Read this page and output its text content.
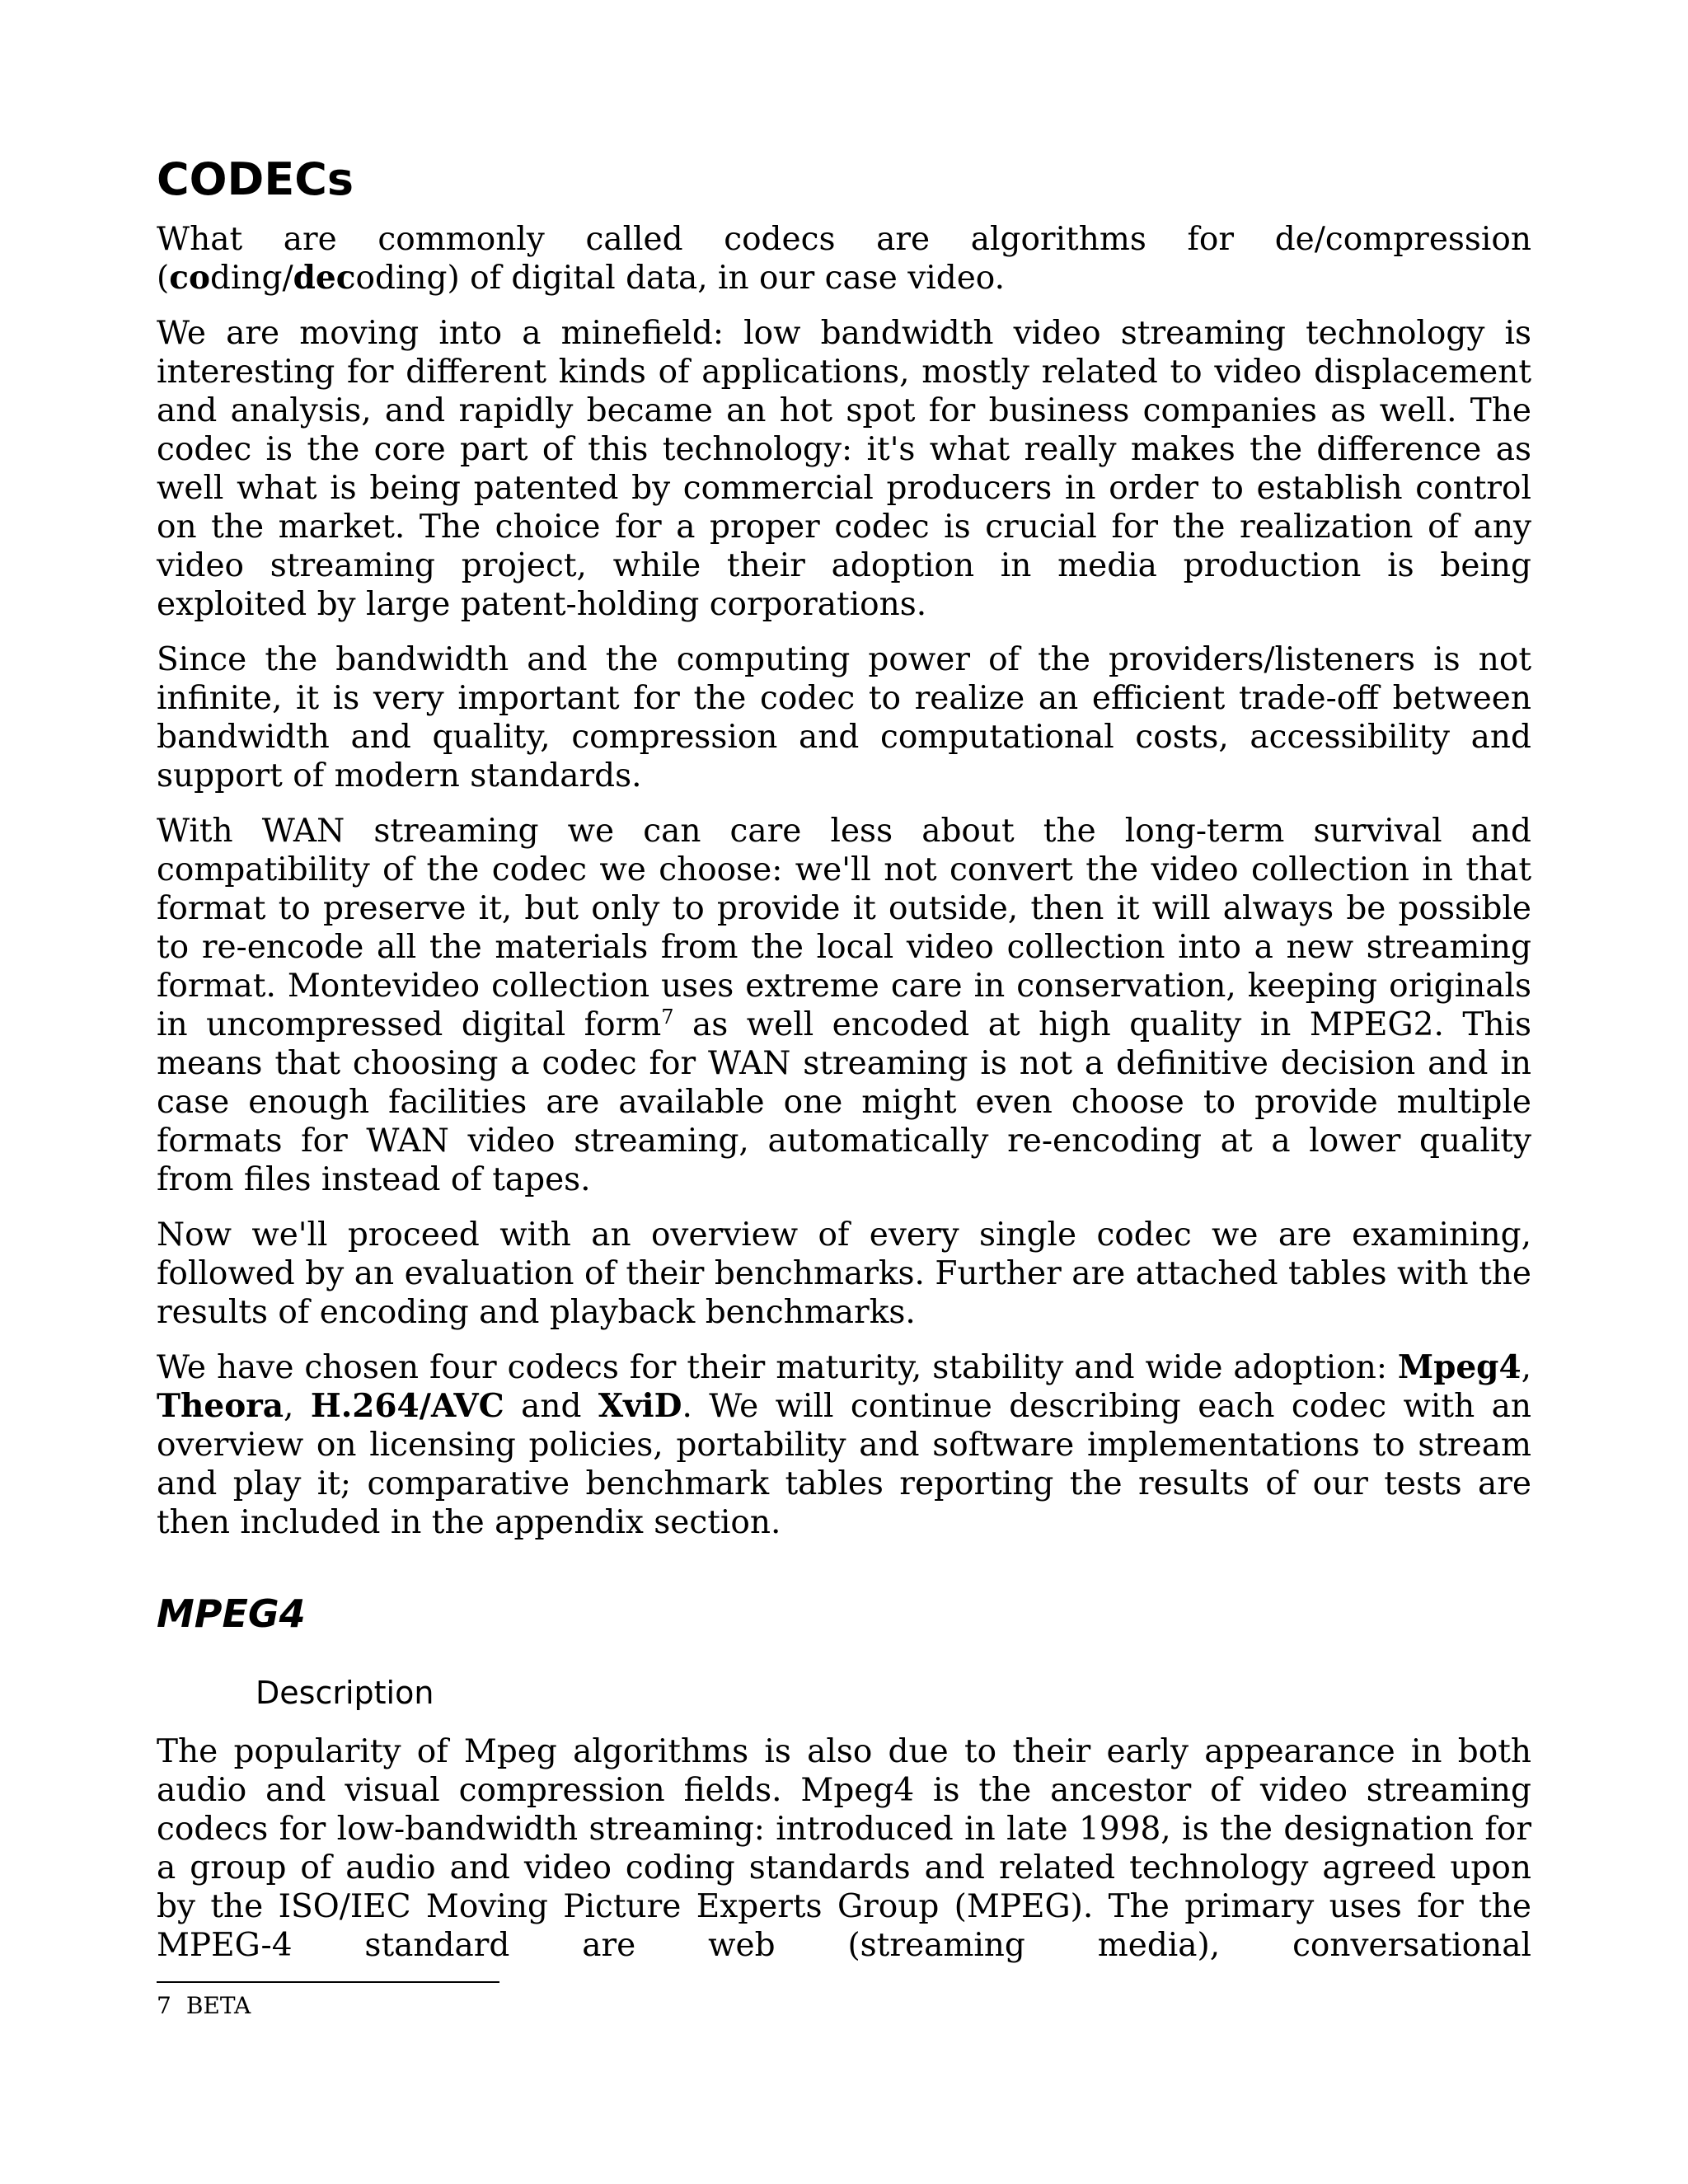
CODECs

What are commonly called codecs are algorithms for de/compression (coding/decoding) of digital data, in our case video.

We are moving into a minefield: low bandwidth video streaming technology is interesting for different kinds of applications, mostly related to video displacement and analysis, and rapidly became an hot spot for business companies as well. The codec is the core part of this technology: it's what really makes the difference as well what is being patented by commercial producers in order to establish control on the market. The choice for a proper codec is crucial for the realization of any video streaming project, while their adoption in media production is being exploited by large patent-holding corporations.

Since the bandwidth and the computing power of the providers/listeners is not infinite, it is very important for the codec to realize an efficient trade-off between bandwidth and quality, compression and computational costs, accessibility and support of modern standards.

With WAN streaming we can care less about the long-term survival and compatibility of the codec we choose: we'll not convert the video collection in that format to preserve it, but only to provide it outside, then it will always be possible to re-encode all the materials from the local video collection into a new streaming format. Montevideo collection uses extreme care in conservation, keeping originals in uncompressed digital form$^7$ as well encoded at high quality in MPEG2. This means that choosing a codec for WAN streaming is not a definitive decision and in case enough facilities are available one might even choose to provide multiple formats for WAN video streaming, automatically re-encoding at a lower quality from files instead of tapes.

Now we'll proceed with an overview of every single codec we are examining, followed by an evaluation of their benchmarks. Further are attached tables with the results of encoding and playback benchmarks.

We have chosen four codecs for their maturity, stability and wide adoption: Mpeg4, Theora, H.264/AVC and XviD. We will continue describing each codec with an overview on licensing policies, portability and software implementations to stream and play it; comparative benchmark tables reporting the results of our tests are then included in the appendix section.

MPEG4
Description

The popularity of Mpeg algorithms is also due to their early appearance in both audio and visual compression fields. Mpeg4 is the ancestor of video streaming codecs for low-bandwidth streaming: introduced in late 1998, is the designation for a group of audio and video coding standards and related technology agreed upon by the ISO/IEC Moving Picture Experts Group (MPEG). The primary uses for the MPEG-4 standard are web (streaming media), conversational

7 BETA
